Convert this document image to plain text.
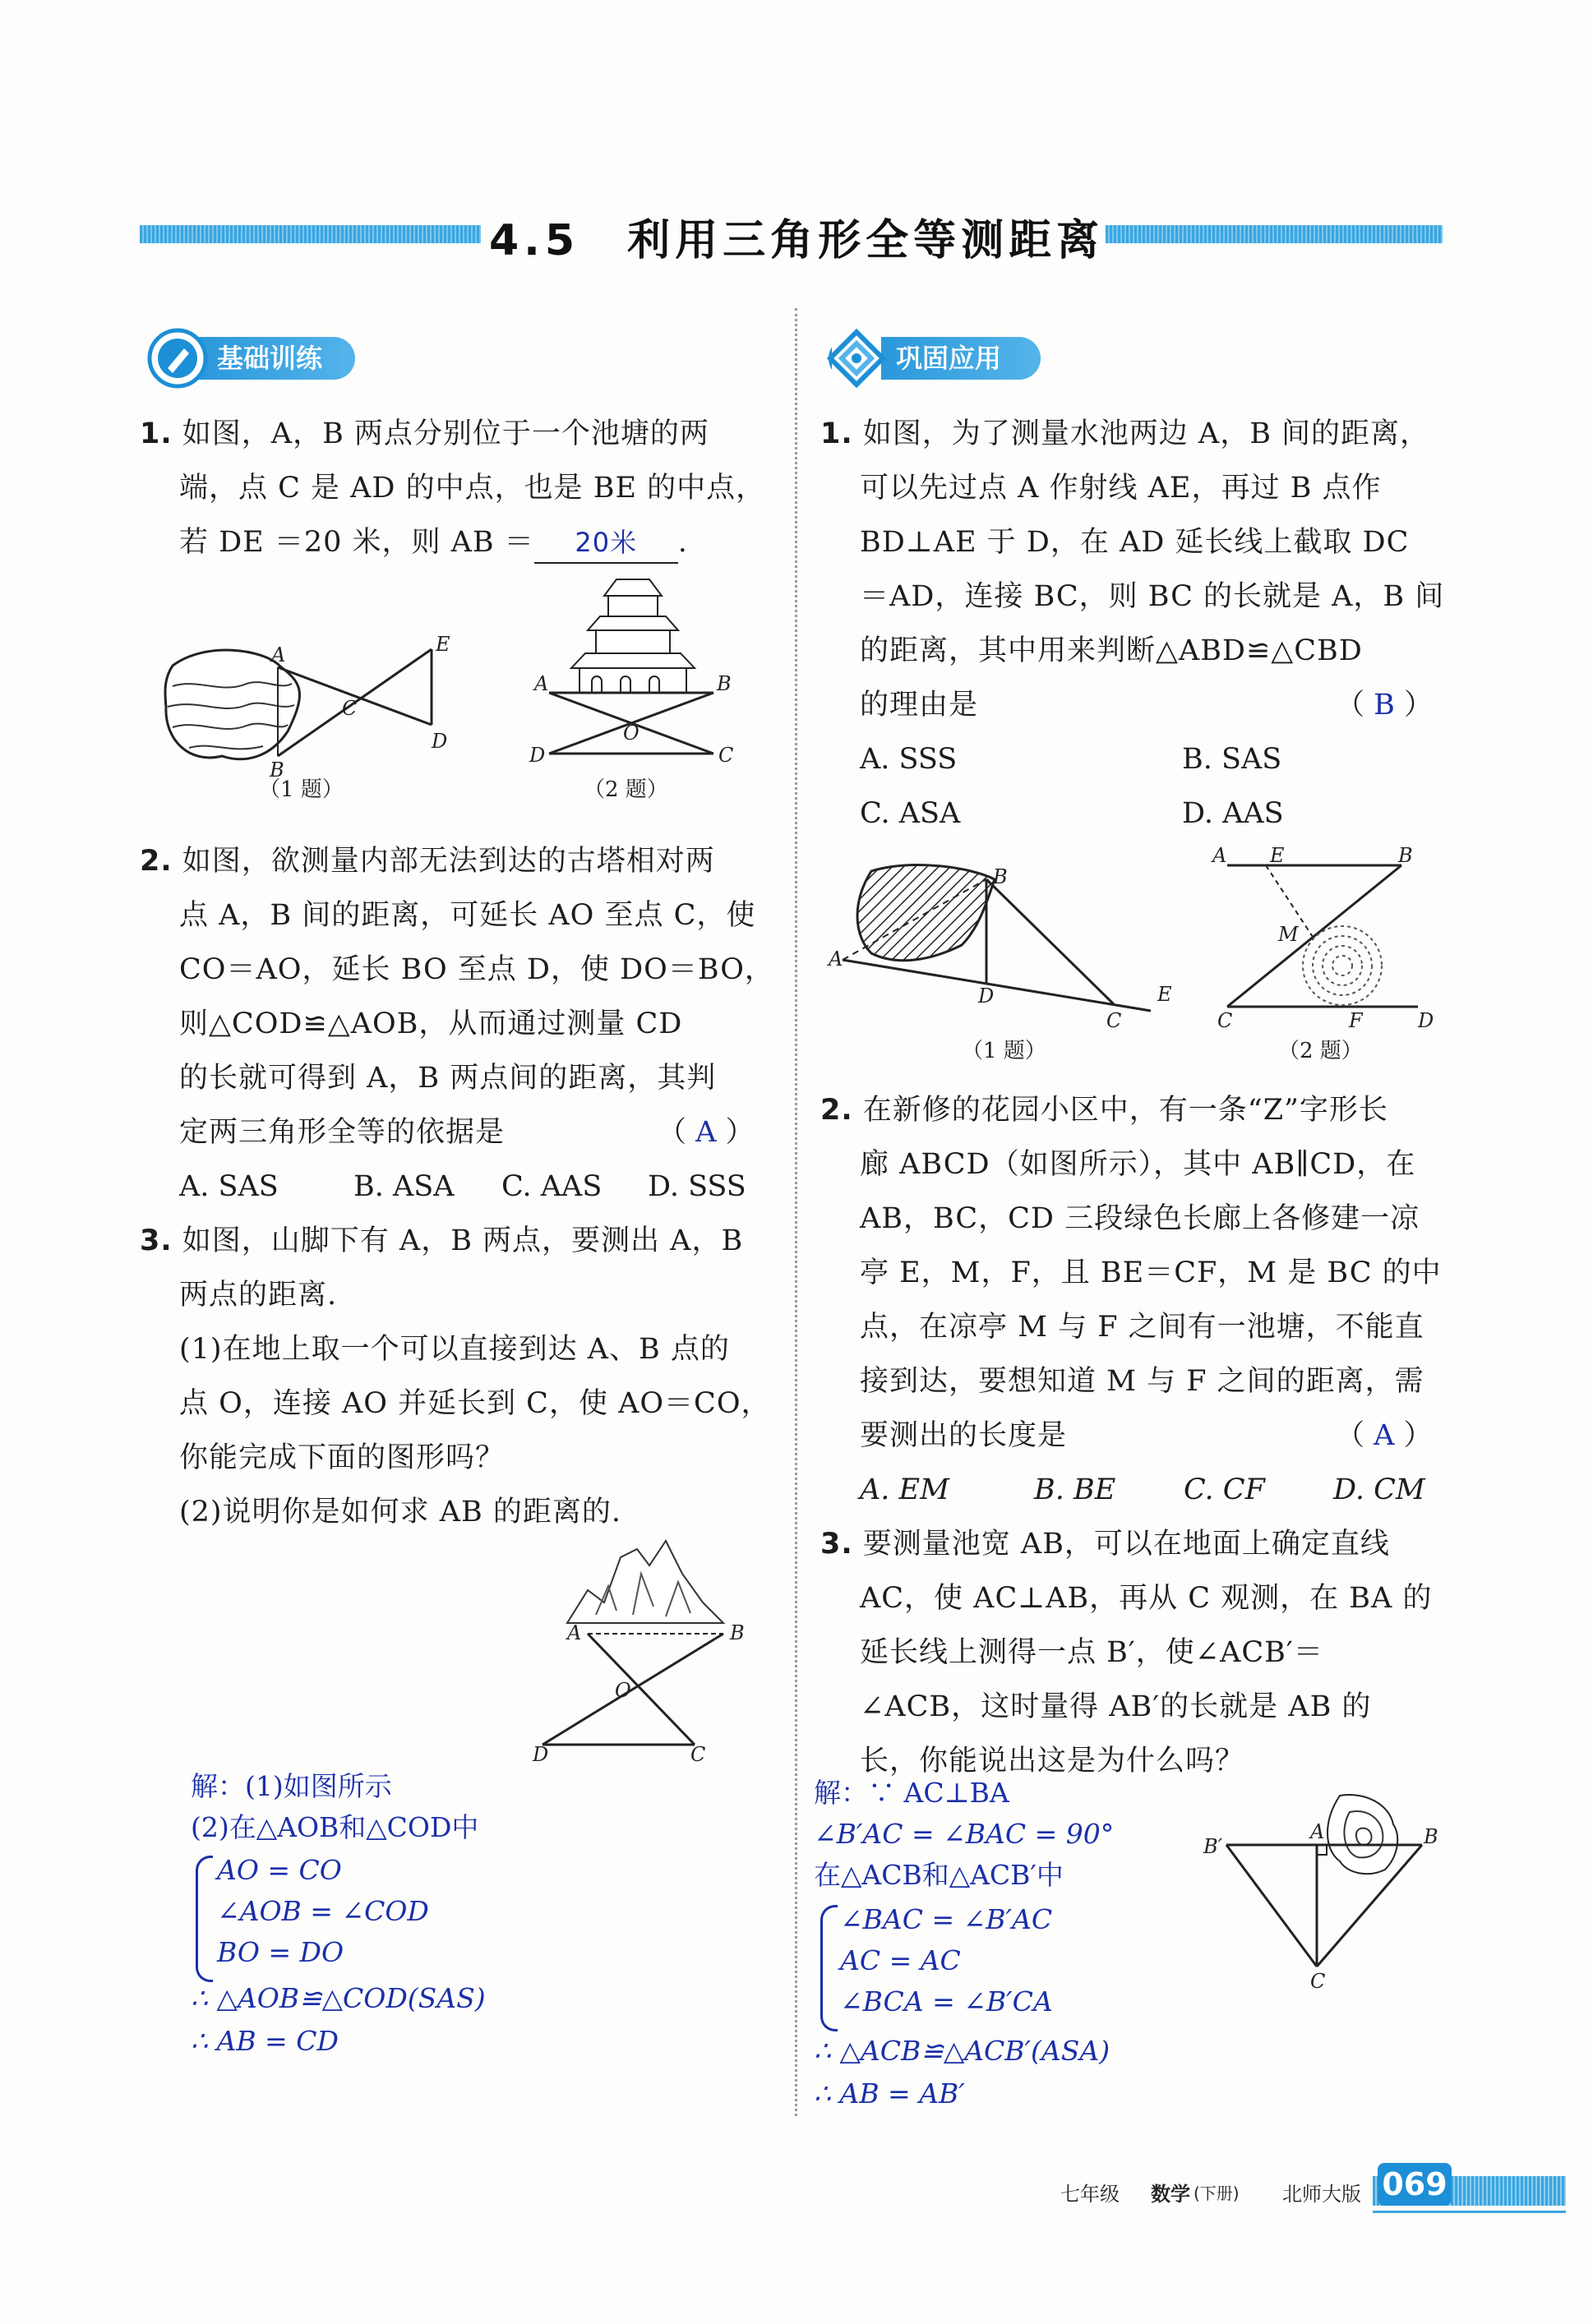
4.5　利用三角形全等测距离
基础训练	巩固应用
1. 如图，A，B 两点分别位于一个池塘的两
端，点 C 是 AD 的中点，也是 BE 的中点，
若 DE ＝20 米，则 AB ＝ 20米 .
A
B
C
D
E
（1 题）
A	B
O
D	C
（2 题）
2. 如图，欲测量内部无法到达的古塔相对两
点 A，B 间的距离，可延长 AO 至点 C，使
CO＝AO，延长 BO 至点 D，使 DO＝BO，
则△COD≌△AOB，从而通过测量 CD
的长就可得到 A，B 两点间的距离，其判
定两三角形全等的依据是	（ A ）
A. SAS	B. ASA C. AAS D. SSS
3. 如图，山脚下有 A，B 两点，要测出 A，B
两点的距离.
(1)在地上取一个可以直接到达 A、B 点的
点 O，连接 AO 并延长到 C，使 AO＝CO，
你能完成下面的图形吗？
(2)说明你是如何求 AB 的距离的.
A	B
O
D	C
解：(1)如图所示
(2)在△AOB和△COD中
AO = CO
∠AOB = ∠COD
BO = DO
∴ △AOB≌△COD(SAS)
∴ AB = CD
1. 如图，为了测量水池两边 A，B 间的距离，
可以先过点 A 作射线 AE，再过 B 点作
BD⊥AE 于 D，在 AD 延长线上截取 DC
＝AD，连接 BC，则 BC 的长就是 A，B 间
的距离，其中用来判断△ABD≌△CBD
的理由是	（ B ）
A. SSS	B. SAS
C. ASA	D. AAS
A
B
D
C
E
（1 题）
A E	B
M
C	F	D
（2 题）
2. 在新修的花园小区中，有一条“Z”字形长
廊 ABCD（如图所示），其中 AB∥CD，在
AB，BC，CD 三段绿色长廊上各修建一凉
亭 E，M，F，且 BE＝CF，M 是 BC 的中
点，在凉亭 M 与 F 之间有一池塘，不能直
接到达，要想知道 M 与 F 之间的距离，需
要测出的长度是	（ A ）
A. EM	B. BE C. CF D. CM
3. 要测量池宽 AB，可以在地面上确定直线
AC，使 AC⊥AB，再从 C 观测，在 BA 的
延长线上测得一点 B′，使∠ACB′＝
∠ACB，这时量得 AB′的长就是 AB 的
长，你能说出这是为什么吗？
B′
A	B
C
解：∵ AC⊥BA
∠B′AC = ∠BAC = 90°
在△ACB和△ACB′中
∠BAC = ∠B′AC
AC = AC
∠BCA = ∠B′CA
∴ △ACB≌△ACB′(ASA)
∴ AB = AB′
七年级 数学 (下册) 北师大版 069
